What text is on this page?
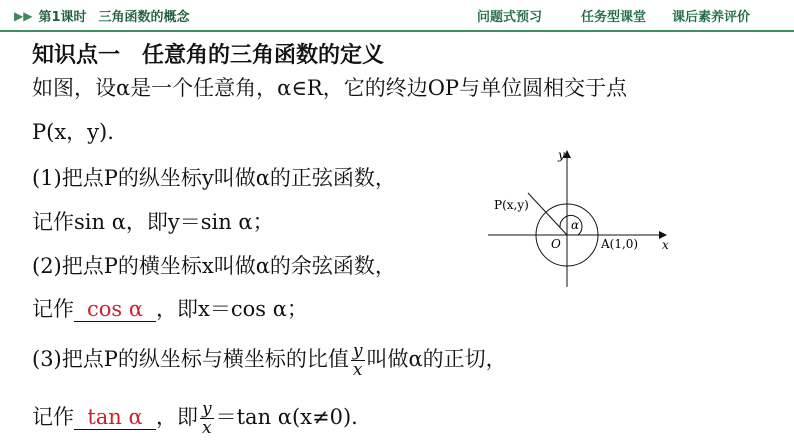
▶▶ 第1课时 三角函数的概念	问题式预习	任务型课堂 课后素养评价
知识点一　任意角的三角函数的定义
如图，设α是一个任意角，α∈R，它的终边OP与单位圆相交于点
P(x，y).
(1)把点P的纵坐标y叫做α的正弦函数，
记作sin α，即y＝sin α；
(2)把点P的横坐标x叫做α的余弦函数，
记作 cos α ，即x＝cos α；
(3)把点P的纵坐标与横坐标的比值 $\frac{y}{x}$ 叫做α的正切，
记作 tan α ，即 $\frac{y}{x} =\tan$ α(x≠0).
y
x
P(x,y)
α
O	A(1,0)
